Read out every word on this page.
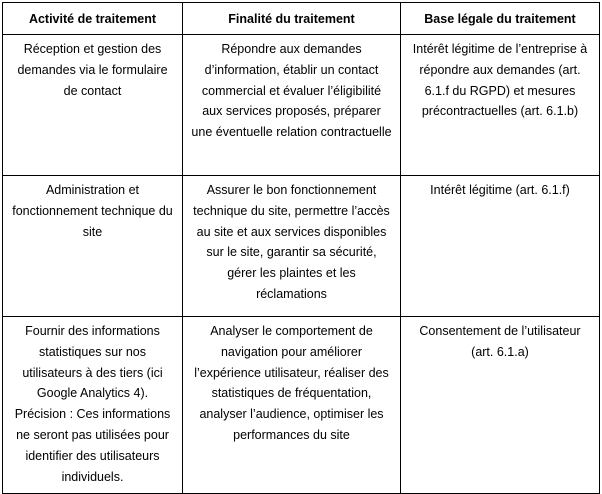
Activité de traitement	Finalité du traitement	Base légale du traitement

Réception et gestion des demandes via le formulaire de contact	Répondre aux demandes d’information, établir un contact commercial et évaluer l’éligibilité aux services proposés, préparer une éventuelle relation contractuelle	Intérêt légitime de l’entreprise à répondre aux demandes (art. 6.1.f du RGPD) et mesures précontractuelles (art. 6.1.b)

Administration et fonctionnement technique du site	Assurer le bon fonctionnement technique du site, permettre l’accès au site et aux services disponibles sur le site, garantir sa sécurité, gérer les plaintes et les réclamations	Intérêt légitime (art. 6.1.f)

Fournir des informations statistiques sur nos utilisateurs à des tiers (ici Google Analytics 4). Précision : Ces informations ne seront pas utilisées pour identifier des utilisateurs individuels.	Analyser le comportement de navigation pour améliorer l’expérience utilisateur, réaliser des statistiques de fréquentation, analyser l’audience, optimiser les performances du site	Consentement de l’utilisateur (art. 6.1.a)
